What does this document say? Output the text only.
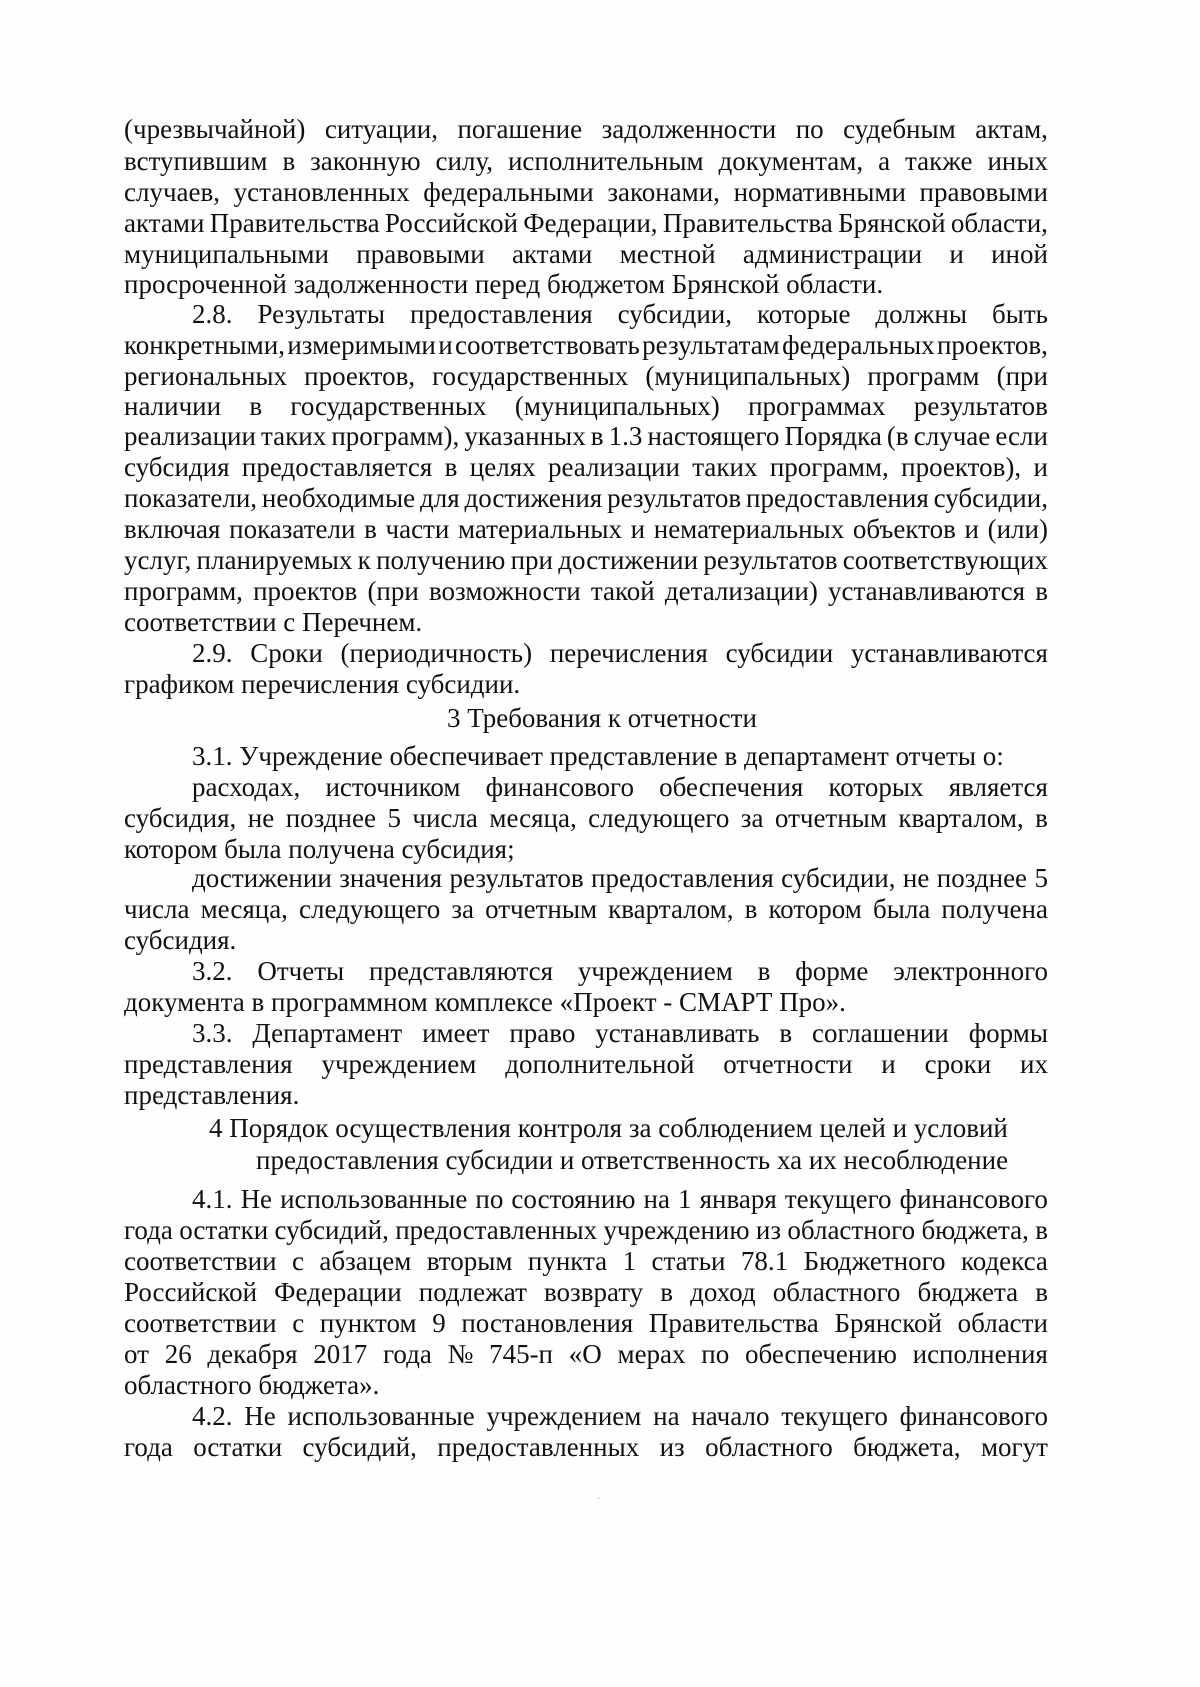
(чрезвычайной) ситуации, погашение задолженности по судебным актам,
вступившим в законную силу, исполнительным документам, а также иных
случаев, установленных федеральными законами, нормативными правовыми
актами Правительства Российской Федерации, Правительства Брянской области,
муниципальными правовыми актами местной администрации и иной
просроченной задолженности перед бюджетом Брянской области.
2.8. Результаты предоставления субсидии, которые должны быть
конкретными, измеримыми и соответствовать результатам федеральных проектов,
региональных проектов, государственных (муниципальных) программ (при
наличии в государственных (муниципальных) программах результатов
реализации таких программ), указанных в 1.3 настоящего Порядка (в случае если
субсидия предоставляется в целях реализации таких программ, проектов), и
показатели, необходимые для достижения результатов предоставления субсидии,
включая показатели в части материальных и нематериальных объектов и (или)
услуг, планируемых к получению при достижении результатов соответствующих
программ, проектов (при возможности такой детализации) устанавливаются в
соответствии с Перечнем.
2.9. Сроки (периодичность) перечисления субсидии устанавливаются
графиком перечисления субсидии.
3 Требования к отчетности
3.1. Учреждение обеспечивает представление в департамент отчеты о:
расходах, источником финансового обеспечения которых является
субсидия, не позднее 5 числа месяца, следующего за отчетным кварталом, в
котором была получена субсидия;
достижении значения результатов предоставления субсидии, не позднее 5
числа месяца, следующего за отчетным кварталом, в котором была получена
субсидия.
3.2. Отчеты представляются учреждением в форме электронного
документа в программном комплексе «Проект - СМАРТ Про».
3.3. Департамент имеет право устанавливать в соглашении формы
представления учреждением дополнительной отчетности и сроки их
представления.
4 Порядок осуществления контроля за соблюдением целей и условий
предоставления субсидии и ответственность ха их несоблюдение
4.1. Не использованные по состоянию на 1 января текущего финансового
года остатки субсидий, предоставленных учреждению из областного бюджета, в
соответствии с абзацем вторым пункта 1 статьи 78.1 Бюджетного кодекса
Российской Федерации подлежат возврату в доход областного бюджета в
соответствии с пунктом 9 постановления Правительства Брянской области
от 26 декабря 2017 года № 745-п «О мерах по обеспечению исполнения
областного бюджета».
4.2. Не использованные учреждением на начало текущего финансового
года остатки субсидий, предоставленных из областного бюджета, могут
